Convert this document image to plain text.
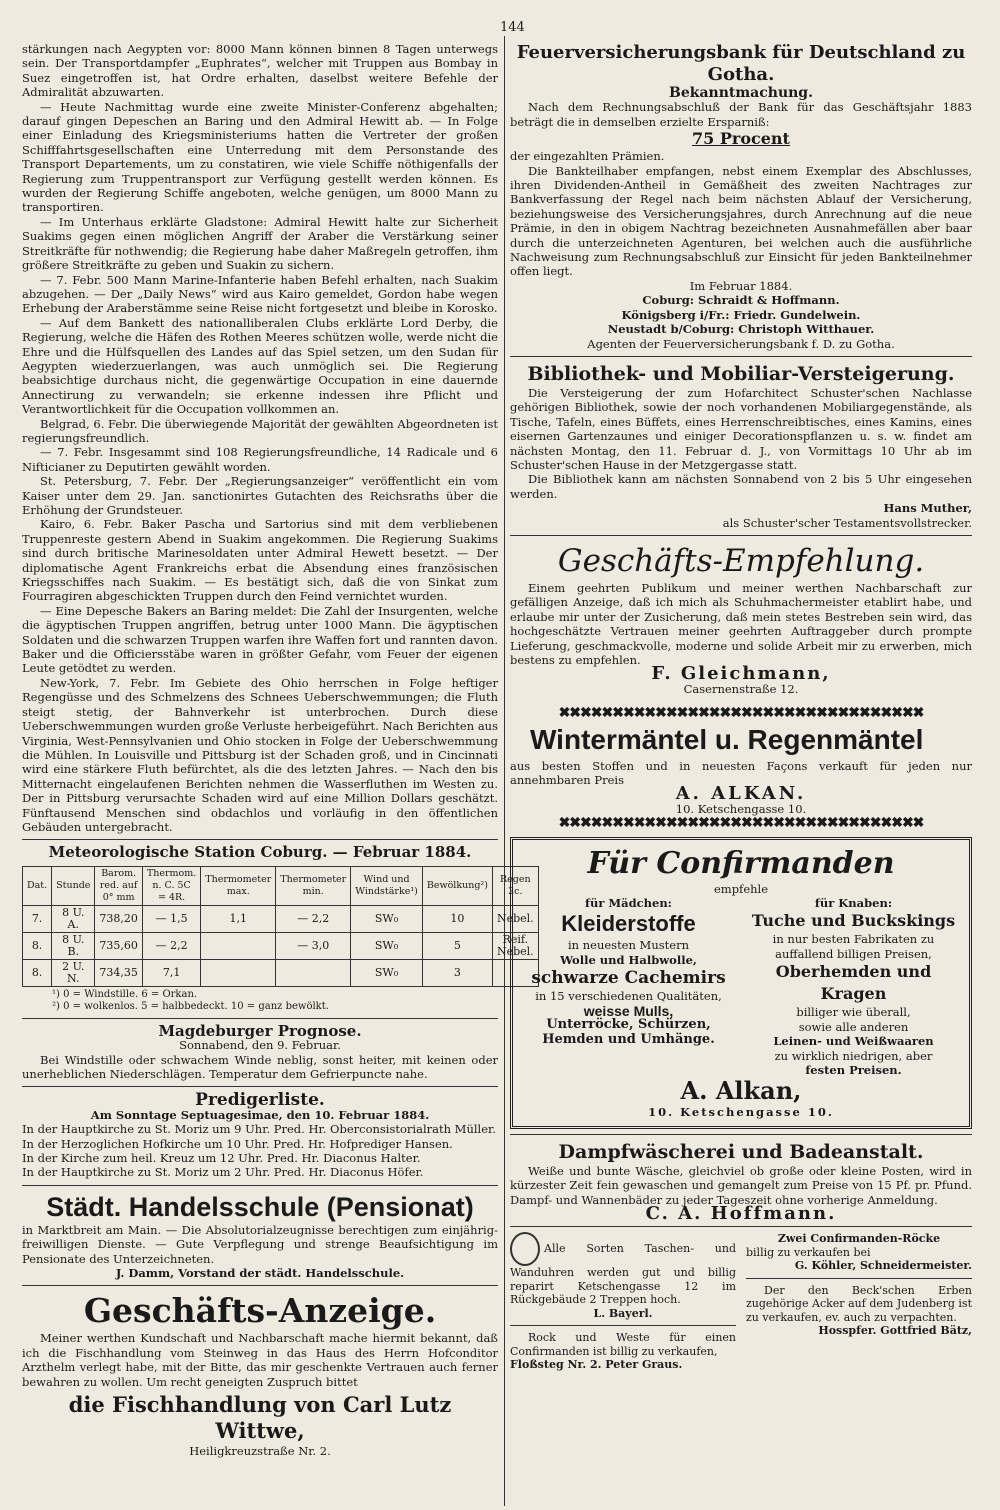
144

stärkungen nach Aegypten vor: 8000 Mann können binnen 8 Tagen unterwegs sein. Der Transportdampfer „Euphrates“, welcher mit Truppen aus Bombay in Suez eingetroffen ist, hat Ordre erhalten, daselbst weitere Befehle der Admiralität abzuwarten.

— Heute Nachmittag wurde eine zweite Minister-Conferenz abgehalten; darauf gingen Depeschen an Baring und den Admiral Hewitt ab. — In Folge einer Einladung des Kriegsministeriums hatten die Vertreter der großen Schifffahrtsgesellschaften eine Unterredung mit dem Personstande des Transport Departements, um zu constatiren, wie viele Schiffe nöthigenfalls der Regierung zum Truppentransport zur Verfügung gestellt werden können. Es wurden der Regierung Schiffe angeboten, welche genügen, um 8000 Mann zu transportiren.

— Im Unterhaus erklärte Gladstone: Admiral Hewitt halte zur Sicherheit Suakims gegen einen möglichen Angriff der Araber die Verstärkung seiner Streitkräfte für nothwendig; die Regierung habe daher Maßregeln getroffen, ihm größere Streitkräfte zu geben und Suakin zu sichern.

— 7. Febr. 500 Mann Marine-Infanterie haben Befehl erhalten, nach Suakim abzugehen. — Der „Daily News“ wird aus Kairo gemeldet, Gordon habe wegen Erhebung der Araberstämme seine Reise nicht fortgesetzt und bleibe in Korosko.

— Auf dem Bankett des nationalliberalen Clubs erklärte Lord Derby, die Regierung, welche die Häfen des Rothen Meeres schützen wolle, werde nicht die Ehre und die Hülfsquellen des Landes auf das Spiel setzen, um den Sudan für Aegypten wiederzuerlangen, was auch unmöglich sei. Die Regierung beabsichtige durchaus nicht, die gegenwärtige Occupation in eine dauernde Annectirung zu verwandeln; sie erkenne indessen ihre Pflicht und Verantwortlichkeit für die Occupation vollkommen an.

Belgrad, 6. Febr. Die überwiegende Majorität der gewählten Abgeordneten ist regierungsfreundlich.

— 7. Febr. Insgesammt sind 108 Regierungsfreundliche, 14 Radicale und 6 Nifticianer zu Deputirten gewählt worden.

St. Petersburg, 7. Febr. Der „Regierungsanzeiger“ veröffentlicht ein vom Kaiser unter dem 29. Jan. sanctionirtes Gutachten des Reichsraths über die Erhöhung der Grundsteuer.

Kairo, 6. Febr. Baker Pascha und Sartorius sind mit dem verbliebenen Truppenreste gestern Abend in Suakim angekommen. Die Regierung Suakims sind durch britische Marinesoldaten unter Admiral Hewett besetzt. — Der diplomatische Agent Frankreichs erbat die Absendung eines französischen Kriegsschiffes nach Suakim. — Es bestätigt sich, daß die von Sinkat zum Fourragiren abgeschickten Truppen durch den Feind vernichtet wurden.

— Eine Depesche Bakers an Baring meldet: Die Zahl der Insurgenten, welche die ägyptischen Truppen angriffen, betrug unter 1000 Mann. Die ägyptischen Soldaten und die schwarzen Truppen warfen ihre Waffen fort und rannten davon. Baker und die Officiersstäbe waren in größter Gefahr, vom Feuer der eigenen Leute getödtet zu werden.

New-York, 7. Febr. Im Gebiete des Ohio herrschen in Folge heftiger Regengüsse und des Schmelzens des Schnees Ueberschwemmungen; die Fluth steigt stetig, der Bahnverkehr ist unterbrochen. Durch diese Ueberschwemmungen wurden große Verluste herbeigeführt. Nach Berichten aus Virginia, West-Pennsylvanien und Ohio stocken in Folge der Ueberschwemmung die Mühlen. In Louisville und Pittsburg ist der Schaden groß, und in Cincinnati wird eine stärkere Fluth befürchtet, als die des letzten Jahres. — Nach den bis Mitternacht eingelaufenen Berichten nehmen die Wasserfluthen im Westen zu. Der in Pittsburg verursachte Schaden wird auf eine Million Dollars geschätzt. Fünftausend Menschen sind obdachlos und vorläufig in den öffentlichen Gebäuden untergebracht.

Meteorologische Station Coburg. — Februar 1884.

Dat.	Stunde	Barom. red. auf 0° mm	Thermom. n. C. 5C = 4R.	Thermometer max.	Thermometer min.	Wind und Windstärke¹)	Bewölkung²)	Regen 2c.
7.	8 U. A.	738,20	— 1,5	1,1	— 2,2	SW₀	10	Nebel.
8.	8 U. B.	735,60	— 2,2		— 3,0	SW₀	5	Reif. Nebel.
8.	2 U. N.	734,35	7,1			SW₀	3	

¹) 0 = Windstille. 6 = Orkan.

²) 0 = wolkenlos. 5 = halbbedeckt. 10 = ganz bewölkt.

Magdeburger Prognose.

Sonnabend, den 9. Februar.

Bei Windstille oder schwachem Winde neblig, sonst heiter, mit keinen oder unerheblichen Niederschlägen. Temperatur dem Gefrierpuncte nahe.

Predigerliste.

Am Sonntage Septuagesimae, den 10. Februar 1884.

In der Hauptkirche zu St. Moriz um 9 Uhr. Pred. Hr. Oberconsistorialrath Müller.

In der Herzoglichen Hofkirche um 10 Uhr. Pred. Hr. Hofprediger Hansen.

In der Kirche zum heil. Kreuz um 12 Uhr. Pred. Hr. Diaconus Halter.

In der Hauptkirche zu St. Moriz um 2 Uhr. Pred. Hr. Diaconus Höfer.

Städt. Handelsschule (Pensionat)

in Marktbreit am Main. — Die Absolutorialzeugnisse berechtigen zum einjährig-freiwilligen Dienste. — Gute Verpflegung und strenge Beaufsichtigung im Pensionate des Unterzeichneten.

J. Damm, Vorstand der städt. Handelsschule.

Geschäfts-Anzeige.

Meiner werthen Kundschaft und Nachbarschaft mache hiermit bekannt, daß ich die Fischhandlung vom Steinweg in das Haus des Herrn Hofconditor Arzthelm verlegt habe, mit der Bitte, das mir geschenkte Vertrauen auch ferner bewahren zu wollen. Um recht geneigten Zuspruch bittet

die Fischhandlung von Carl Lutz Wittwe,

Heiligkreuzstraße Nr. 2.

Feuerversicherungsbank für Deutschland zu Gotha.

Bekanntmachung.

Nach dem Rechnungsabschluß der Bank für das Geschäftsjahr 1883 beträgt die in demselben erzielte Ersparniß:

75 Procent

der eingezahlten Prämien.

Die Bankteilhaber empfangen, nebst einem Exemplar des Abschlusses, ihren Dividenden-Antheil in Gemäßheit des zweiten Nachtrages zur Bankverfassung der Regel nach beim nächsten Ablauf der Versicherung, beziehungsweise des Versicherungsjahres, durch Anrechnung auf die neue Prämie, in den in obigem Nachtrag bezeichneten Ausnahmefällen aber baar durch die unterzeichneten Agenturen, bei welchen auch die ausführliche Nachweisung zum Rechnungsabschluß zur Einsicht für jeden Bankteilnehmer offen liegt.

Im Februar 1884.

Coburg: Schraidt & Hoffmann.

Königsberg i/Fr.: Friedr. Gundelwein.

Neustadt b/Coburg: Christoph Witthauer.

Agenten der Feuerversicherungsbank f. D. zu Gotha.

Bibliothek- und Mobiliar-Versteigerung.

Die Versteigerung der zum Hofarchitect Schuster'schen Nachlasse gehörigen Bibliothek, sowie der noch vorhandenen Mobiliargegenstände, als Tische, Tafeln, eines Büffets, eines Herrenschreibtisches, eines Kamins, eines eisernen Gartenzaunes und einiger Decorationspflanzen u. s. w. findet am nächsten Montag, den 11. Februar d. J., von Vormittags 10 Uhr ab im Schuster'schen Hause in der Metzgergasse statt.

Die Bibliothek kann am nächsten Sonnabend von 2 bis 5 Uhr eingesehen werden.

Hans Muther,

als Schuster'scher Testamentsvollstrecker.

Geschäfts-Empfehlung.

Einem geehrten Publikum und meiner werthen Nachbarschaft zur gefälligen Anzeige, daß ich mich als Schuhmachermeister etablirt habe, und erlaube mir unter der Zusicherung, daß mein stetes Bestreben sein wird, das hochgeschätzte Vertrauen meiner geehrten Auftraggeber durch prompte Lieferung, geschmackvolle, moderne und solide Arbeit mir zu erwerben, mich bestens zu empfehlen.

F. Gleichmann,

Casernenstraße 12.

✖✖✖✖✖✖✖✖✖✖✖✖✖✖✖✖✖✖✖✖✖✖✖✖✖✖✖✖✖✖✖✖✖✖

Wintermäntel u. Regenmäntel

aus besten Stoffen und in neuesten Façons verkauft für jeden nur annehmbaren Preis

A. ALKAN.

10. Ketschengasse 10.

✖✖✖✖✖✖✖✖✖✖✖✖✖✖✖✖✖✖✖✖✖✖✖✖✖✖✖✖✖✖✖✖✖✖

Für Confirmanden

empfehle

für Mädchen:

Kleiderstoffe

in neuesten Mustern

Wolle und Halbwolle,

schwarze Cachemirs

in 15 verschiedenen Qualitäten,

weisse Mulls,

Unterröcke, Schürzen,

Hemden und Umhänge.

für Knaben:

Tuche und Buckskings

in nur besten Fabrikaten zu auffallend billigen Preisen,

Oberhemden und Kragen

billiger wie überall,

sowie alle anderen

Leinen- und Weißwaaren

zu wirklich niedrigen, aber

festen Preisen.

A. Alkan,

10. Ketschengasse 10.

Dampfwäscherei und Badeanstalt.

Weiße und bunte Wäsche, gleichviel ob große oder kleine Posten, wird in kürzester Zeit fein gewaschen und gemangelt zum Preise von 15 Pf. pr. Pfund. Dampf- und Wannenbäder zu jeder Tageszeit ohne vorherige Anmeldung.

C. A. Hoffmann.

Alle Sorten Taschen- und Wanduhren werden gut und billig reparirt Ketschengasse 12 im Rückgebäude 2 Treppen hoch.

L. Bayerl.

Rock und Weste für einen Confirmanden ist billig zu verkaufen,

Floßsteg Nr. 2. Peter Graus.

Zwei Confirmanden-Röcke

billig zu verkaufen bei

G. Köhler, Schneidermeister.

Der den Beck'schen Erben zugehörige Acker auf dem Judenberg ist zu verkaufen, ev. auch zu verpachten.

Hosspfer. Gottfried Bätz,
